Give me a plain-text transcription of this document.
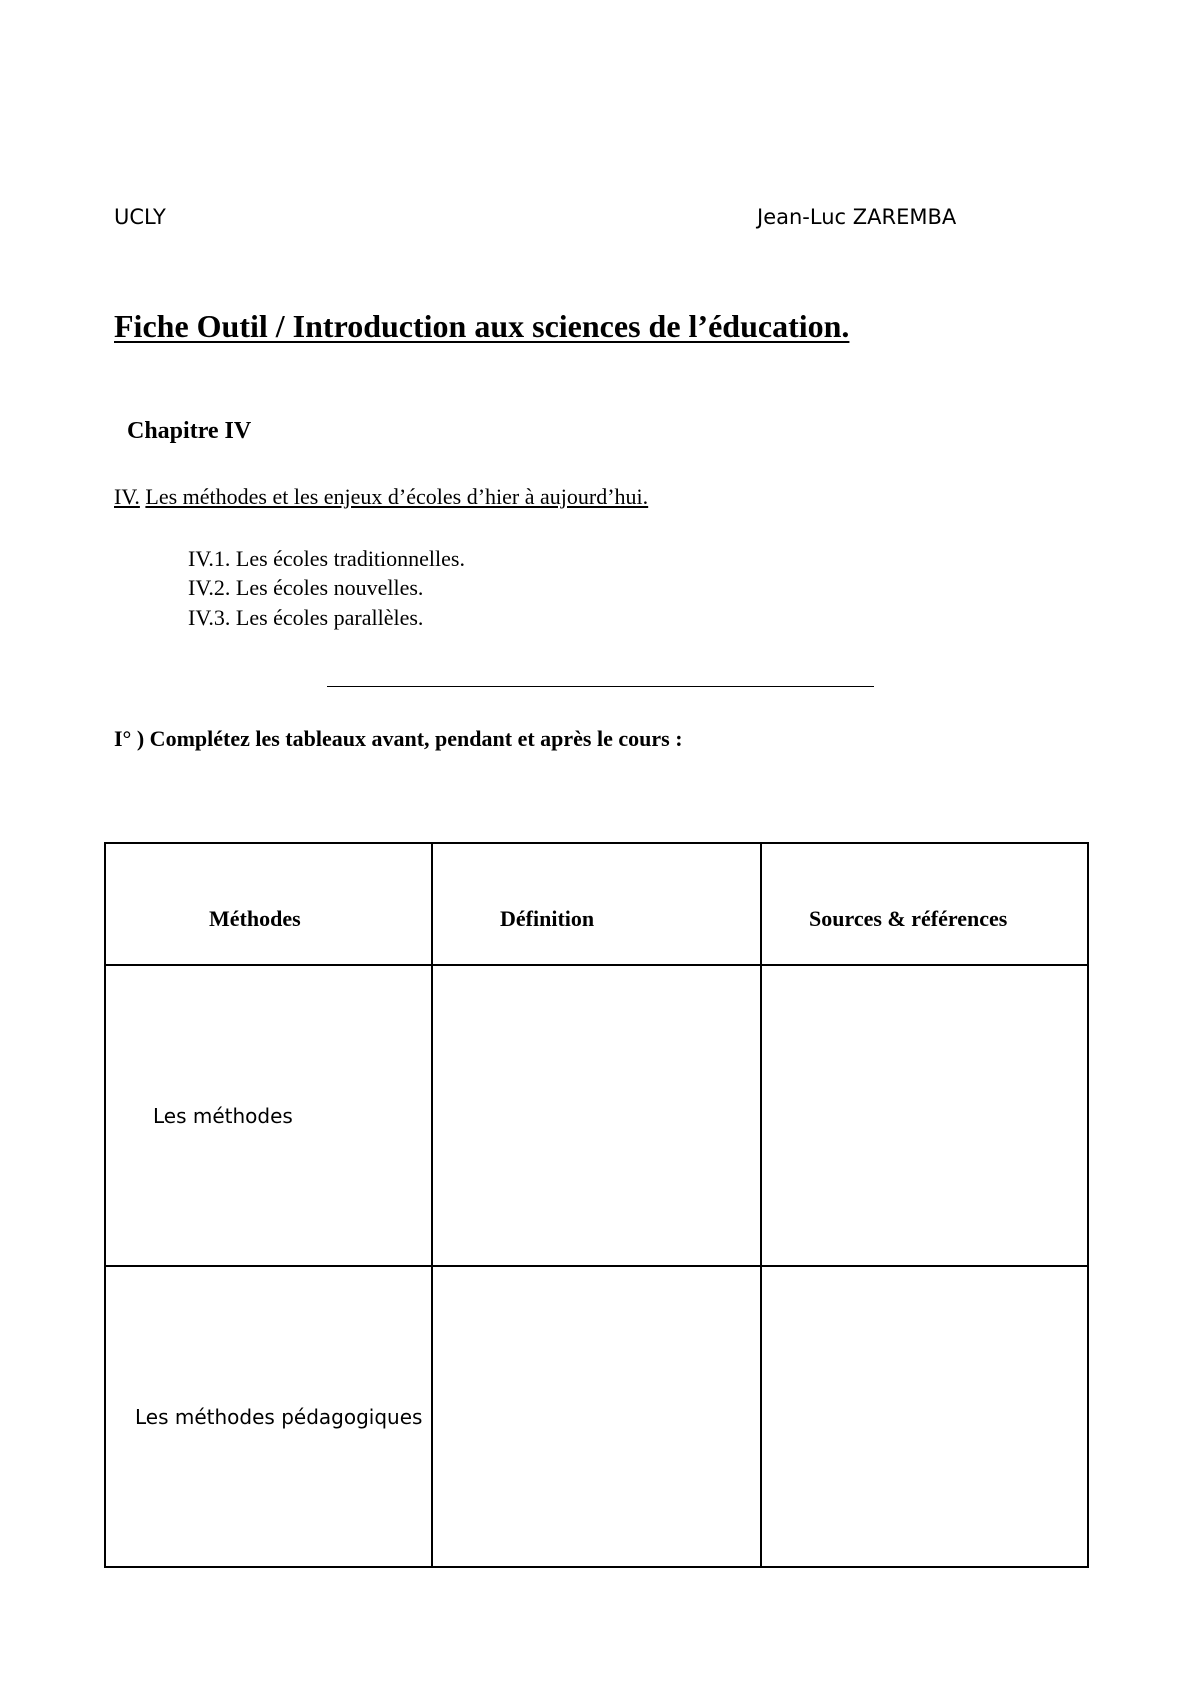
UCLY	Jean-Luc ZAREMBA
Fiche Outil / Introduction aux sciences de l’éducation.
Chapitre IV
IV. Les méthodes et les enjeux d’écoles d’hier à aujourd’hui.
IV.1. Les écoles traditionnelles.
IV.2. Les écoles nouvelles.
IV.3. Les écoles parallèles.
I° ) Complétez les tableaux avant, pendant et après le cours :
Méthodes	Définition	Sources & références

Les méthodes		

Les méthodes pédagogiques		
